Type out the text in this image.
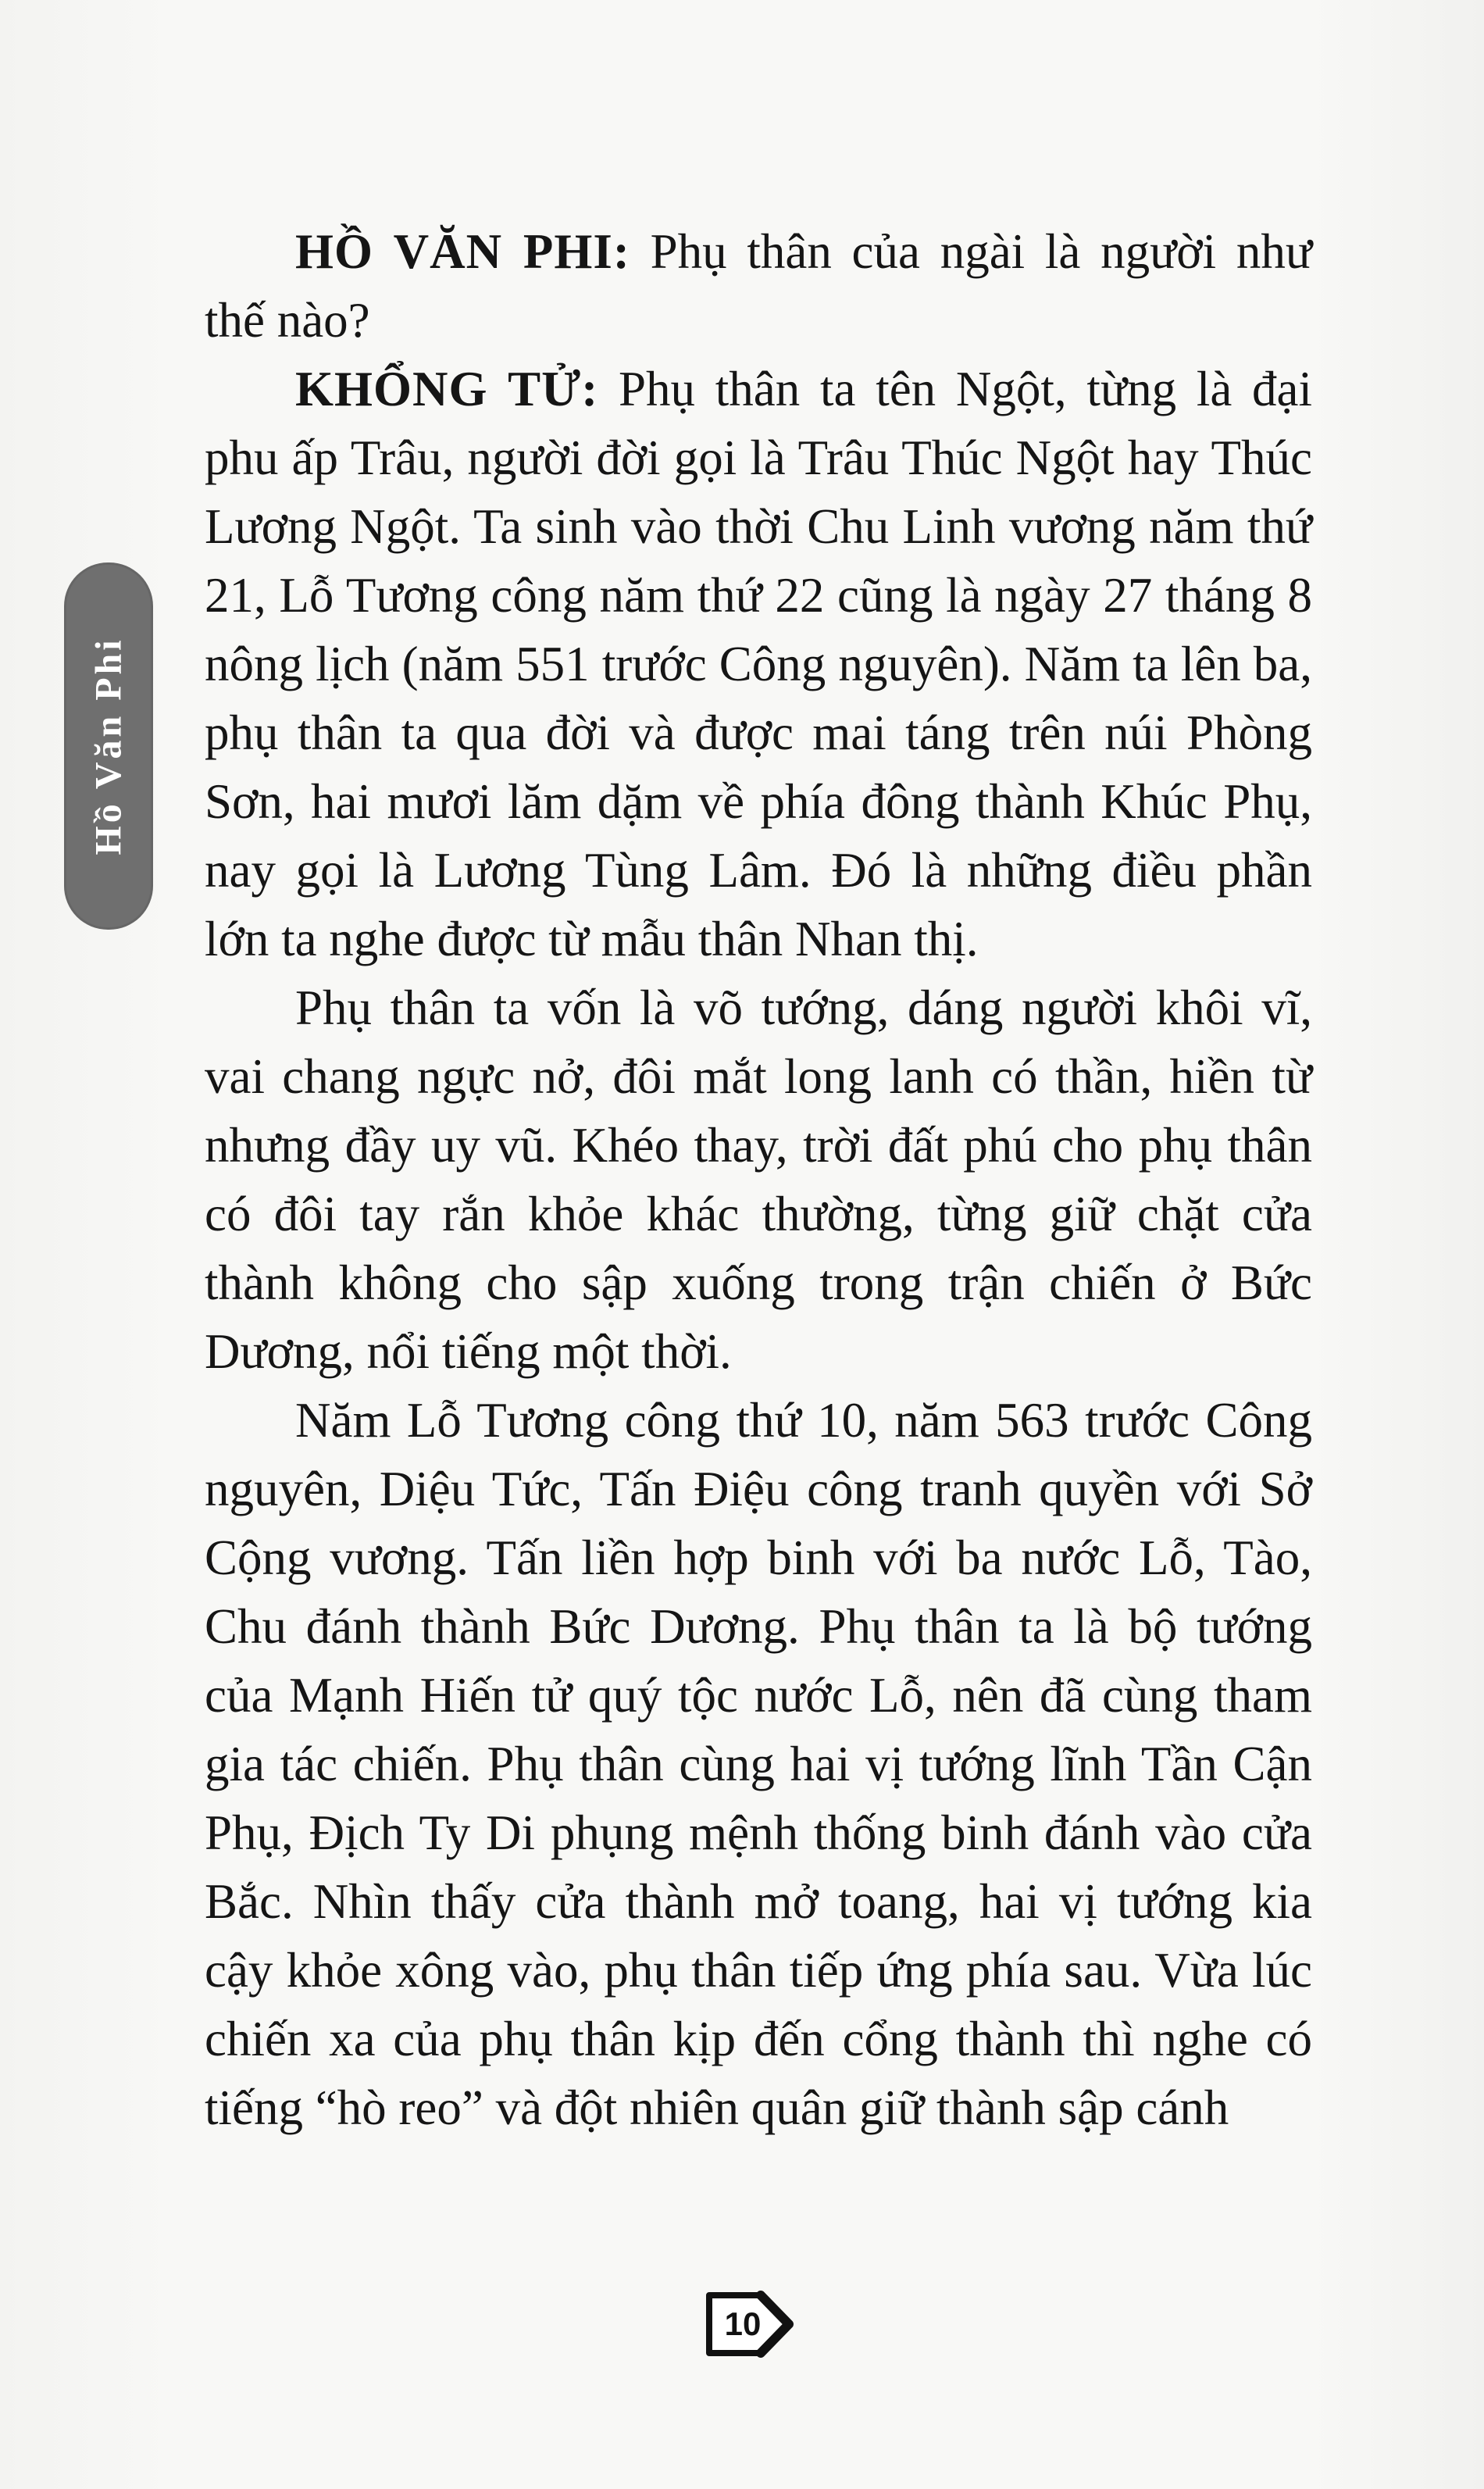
Hồ Văn Phi

HỒ VĂN PHI: Phụ thân của ngài là người như thế nào?

KHỔNG TỬ: Phụ thân ta tên Ngột, từng là đại phu ấp Trâu, người đời gọi là Trâu Thúc Ngột hay Thúc Lương Ngột. Ta sinh vào thời Chu Linh vương năm thứ 21, Lỗ Tương công năm thứ 22 cũng là ngày 27 tháng 8 nông lịch (năm 551 trước Công nguyên). Năm ta lên ba, phụ thân ta qua đời và được mai táng trên núi Phòng Sơn, hai mươi lăm dặm về phía đông thành Khúc Phụ, nay gọi là Lương Tùng Lâm. Đó là những điều phần lớn ta nghe được từ mẫu thân Nhan thị.

Phụ thân ta vốn là võ tướng, dáng người khôi vĩ, vai chang ngực nở, đôi mắt long lanh có thần, hiền từ nhưng đầy uy vũ. Khéo thay, trời đất phú cho phụ thân có đôi tay rắn khỏe khác thường, từng giữ chặt cửa thành không cho sập xuống trong trận chiến ở Bức Dương, nổi tiếng một thời.

Năm Lỗ Tương công thứ 10, năm 563 trước Công nguyên, Diệu Tức, Tấn Điệu công tranh quyền với Sở Cộng vương. Tấn liền hợp binh với ba nước Lỗ, Tào, Chu đánh thành Bức Dương. Phụ thân ta là bộ tướng của Mạnh Hiến tử quý tộc nước Lỗ, nên đã cùng tham gia tác chiến. Phụ thân cùng hai vị tướng lĩnh Tần Cận Phụ, Địch Ty Di phụng mệnh thống binh đánh vào cửa Bắc. Nhìn thấy cửa thành mở toang, hai vị tướng kia cậy khỏe xông vào, phụ thân tiếp ứng phía sau. Vừa lúc chiến xa của phụ thân kịp đến cổng thành thì nghe có tiếng “hò reo” và đột nhiên quân giữ thành sập cánh

10
